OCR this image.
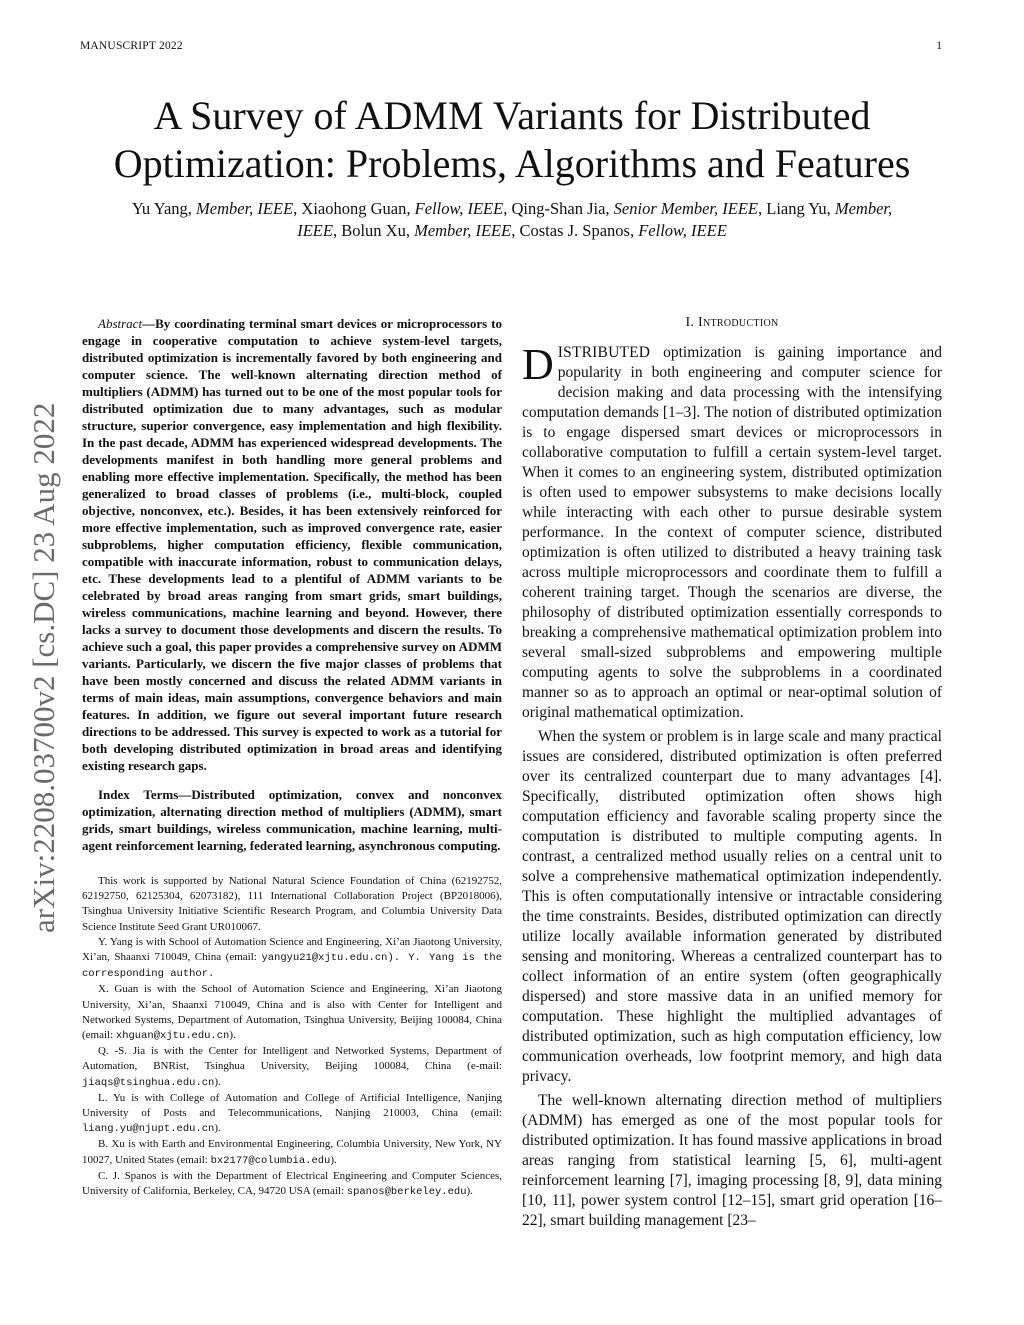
MANUSCRIPT 2022	1
A Survey of ADMM Variants for Distributed
Optimization: Problems, Algorithms and Features
Yu Yang, Member, IEEE, Xiaohong Guan, Fellow, IEEE, Qing-Shan Jia, Senior Member, IEEE, Liang Yu, Member, IEEE, Bolun Xu, Member, IEEE, Costas J. Spanos, Fellow, IEEE
arXiv:2208.03700v2 [cs.DC] 23 Aug 2022

Abstract—By coordinating terminal smart devices or microprocessors to engage in cooperative computation to achieve system-level targets, distributed optimization is incrementally favored by both engineering and computer science. The well-known alternating direction method of multipliers (ADMM) has turned out to be one of the most popular tools for distributed optimization due to many advantages, such as modular structure, superior convergence, easy implementation and high flexibility. In the past decade, ADMM has experienced widespread developments. The developments manifest in both handling more general problems and enabling more effective implementation. Specifically, the method has been generalized to broad classes of problems (i.e., multi-block, coupled objective, nonconvex, etc.). Besides, it has been extensively reinforced for more effective implementation, such as improved convergence rate, easier subproblems, higher computation efficiency, flexible communication, compatible with inaccurate information, robust to communication delays, etc. These developments lead to a plentiful of ADMM variants to be celebrated by broad areas ranging from smart grids, smart buildings, wireless communications, machine learning and beyond. However, there lacks a survey to document those developments and discern the results. To achieve such a goal, this paper provides a comprehensive survey on ADMM variants. Particularly, we discern the five major classes of problems that have been mostly concerned and discuss the related ADMM variants in terms of main ideas, main assumptions, convergence behaviors and main features. In addition, we figure out several important future research directions to be addressed. This survey is expected to work as a tutorial for both developing distributed optimization in broad areas and identifying existing research gaps.

Index Terms—Distributed optimization, convex and nonconvex optimization, alternating direction method of multipliers (ADMM), smart grids, smart buildings, wireless communication, machine learning, multi-agent reinforcement learning, federated learning, asynchronous computing.

This work is supported by National Natural Science Foundation of China (62192752, 62192750, 62125304, 62073182), 111 International Collaboration Project (BP2018006), Tsinghua University Initiative Scientific Research Program, and Columbia University Data Science Institute Seed Grant UR010067.

Y. Yang is with School of Automation Science and Engineering, Xi’an Jiaotong University, Xi’an, Shaanxi 710049, China (email: yangyu21@xjtu.edu.cn). Y. Yang is the corresponding author.

X. Guan is with the School of Automation Science and Engineering, Xi’an Jiaotong University, Xi’an, Shaanxi 710049, China and is also with Center for Intelligent and Networked Systems, Department of Automation, Tsinghua University, Beijing 100084, China (email: xhguan@xjtu.edu.cn).

Q. -S. Jia is with the Center for Intelligent and Networked Systems, Department of Automation, BNRist, Tsinghua University, Beijing 100084, China (e-mail: jiaqs@tsinghua.edu.cn).

L. Yu is with College of Automation and College of Artificial Intelligence, Nanjing University of Posts and Telecommunications, Nanjing 210003, China (email: liang.yu@njupt.edu.cn).

B. Xu is with Earth and Environmental Engineering, Columbia University, New York, NY 10027, United States (email: bx2177@columbia.edu).

C. J. Spanos is with the Department of Electrical Engineering and Computer Sciences, University of California, Berkeley, CA, 94720 USA (email: spanos@berkeley.edu).

I. Introduction

DISTRIBUTED optimization is gaining importance and popularity in both engineering and computer science for decision making and data processing with the intensifying computation demands [1–3]. The notion of distributed optimization is to engage dispersed smart devices or microprocessors in collaborative computation to fulfill a certain system-level target. When it comes to an engineering system, distributed optimization is often used to empower subsystems to make decisions locally while interacting with each other to pursue desirable system performance. In the context of computer science, distributed optimization is often utilized to distributed a heavy training task across multiple microprocessors and coordinate them to fulfill a coherent training target. Though the scenarios are diverse, the philosophy of distributed optimization essentially corresponds to breaking a comprehensive mathematical optimization problem into several small-sized subproblems and empowering multiple computing agents to solve the subproblems in a coordinated manner so as to approach an optimal or near-optimal solution of original mathematical optimization.

When the system or problem is in large scale and many practical issues are considered, distributed optimization is often preferred over its centralized counterpart due to many advantages [4]. Specifically, distributed optimization often shows high computation efficiency and favorable scaling property since the computation is distributed to multiple computing agents. In contrast, a centralized method usually relies on a central unit to solve a comprehensive mathematical optimization independently. This is often computationally intensive or intractable considering the time constraints. Besides, distributed optimization can directly utilize locally available information generated by distributed sensing and monitoring. Whereas a centralized counterpart has to collect information of an entire system (often geographically dispersed) and store massive data in an unified memory for computation. These highlight the multiplied advantages of distributed optimization, such as high computation efficiency, low communication overheads, low footprint memory, and high data privacy.

The well-known alternating direction method of multipliers (ADMM) has emerged as one of the most popular tools for distributed optimization. It has found massive applications in broad areas ranging from statistical learning [5, 6], multi-agent reinforcement learning [7], imaging processing [8, 9], data mining [10, 11], power system control [12–15], smart grid operation [16–22], smart building management [23–
